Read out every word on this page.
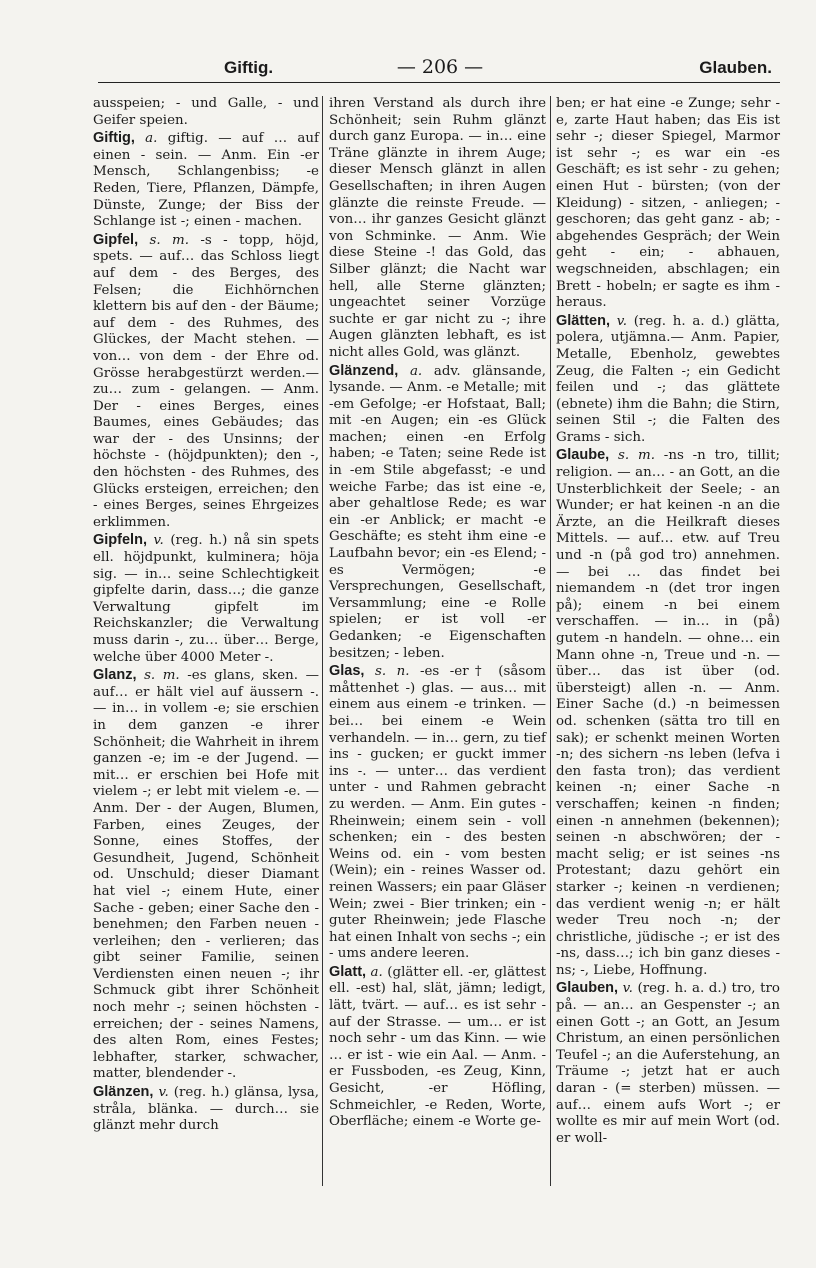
Giftig.	— 206 —	Glauben.

ausspeien; - und Galle, - und Geifer speien.

Giftig, a. giftig. — auf … auf einen - sein. — Anm. Ein -er Mensch, Schlangenbiss; -e Reden, Tiere, Pflanzen, Dämpfe, Dünste, Zunge; der Biss der Schlange ist -; einen - machen.

Gipfel, s. m. -s - topp, höjd, spets. — auf… das Schloss liegt auf dem - des Berges, des Felsen; die Eichhörnchen klettern bis auf den - der Bäume; auf dem - des Ruhmes, des Glückes, der Macht stehen. — von… von dem - der Ehre od. Grösse herabgestürzt werden.— zu… zum - gelangen. — Anm. Der - eines Berges, eines Baumes, eines Gebäudes; das war der - des Unsinns; der höchste - (höjdpunkten); den -, den höchsten - des Ruhmes, des Glücks ersteigen, erreichen; den - eines Berges, seines Ehrgeizes erklimmen.

Gipfeln, v. (reg. h.) nå sin spets ell. höjdpunkt, kulminera; höja sig. — in… seine Schlechtigkeit gipfelte darin, dass…; die ganze Verwaltung gipfelt im Reichskanzler; die Verwaltung muss darin -, zu… über… Berge, welche über 4000 Meter -.

Glanz, s. m. -es glans, sken. — auf… er hält viel auf äussern -. — in… in vollem -e; sie erschien in dem ganzen -e ihrer Schönheit; die Wahrheit in ihrem ganzen -e; im -e der Jugend. — mit… er erschien bei Hofe mit vielem -; er lebt mit vielem -e. — Anm. Der - der Augen, Blumen, Farben, eines Zeuges, der Sonne, eines Stoffes, der Gesundheit, Jugend, Schönheit od. Unschuld; dieser Diamant hat viel -; einem Hute, einer Sache - geben; einer Sache den - benehmen; den Farben neuen - verleihen; den - verlieren; das gibt seiner Familie, seinen Verdiensten einen neuen -; ihr Schmuck gibt ihrer Schönheit noch mehr -; seinen höchsten - erreichen; der - seines Namens, des alten Rom, eines Festes; lebhafter, starker, schwacher, matter, blendender -.

Glänzen, v. (reg. h.) glänsa, lysa, stråla, blänka. — durch… sie glänzt mehr durch

ihren Verstand als durch ihre Schönheit; sein Ruhm glänzt durch ganz Europa. — in… eine Träne glänzte in ihrem Auge; dieser Mensch glänzt in allen Gesellschaften; in ihren Augen glänzte die reinste Freude. — von… ihr ganzes Gesicht glänzt von Schminke. — Anm. Wie diese Steine -! das Gold, das Silber glänzt; die Nacht war hell, alle Sterne glänzten; ungeachtet seiner Vorzüge suchte er gar nicht zu -; ihre Augen glänzten lebhaft, es ist nicht alles Gold, was glänzt.

Glänzend, a. adv. glänsande, lysande. — Anm. -e Metalle; mit -em Gefolge; -er Hofstaat, Ball; mit -en Augen; ein -es Glück machen; einen -en Erfolg haben; -e Taten; seine Rede ist in -em Stile abgefasst; -e und weiche Farbe; das ist eine -e, aber gehaltlose Rede; es war ein -er Anblick; er macht -e Geschäfte; es steht ihm eine -e Laufbahn bevor; ein -es Elend; -es Vermögen; -e Versprechungen, Gesellschaft, Versammlung; eine -e Rolle spielen; er ist voll -er Gedanken; -e Eigenschaften besitzen; - leben.

Glas, s. n. -es -er† (såsom måttenhet -) glas. — aus… mit einem aus einem -e trinken. — bei… bei einem -e Wein verhandeln. — in… gern, zu tief ins - gucken; er guckt immer ins -. — unter… das verdient unter - und Rahmen gebracht zu werden. — Anm. Ein gutes - Rheinwein; einem sein - voll schenken; ein - des besten Weins od. ein - vom besten (Wein); ein - reines Wasser od. reinen Wassers; ein paar Gläser Wein; zwei - Bier trinken; ein - guter Rheinwein; jede Flasche hat einen Inhalt von sechs -; ein - ums andere leeren.

Glatt, a. (glätter ell. -er, glättest ell. -est) hal, slät, jämn; ledigt, lätt, tvärt. — auf… es ist sehr - auf der Strasse. — um… er ist noch sehr - um das Kinn. — wie … er ist - wie ein Aal. — Anm. -er Fussboden, -es Zeug, Kinn, Gesicht, -er Höfling, Schmeichler, -e Reden, Worte, Oberfläche; einem -e Worte ge-

ben; er hat eine -e Zunge; sehr -e, zarte Haut haben; das Eis ist sehr -; dieser Spiegel, Marmor ist sehr -; es war ein -es Geschäft; es ist sehr - zu gehen; einen Hut - bürsten; (von der Kleidung) - sitzen, - anliegen; - geschoren; das geht ganz - ab; - abgehendes Gespräch; der Wein geht - ein; - abhauen, wegschneiden, abschlagen; ein Brett - hobeln; er sagte es ihm - heraus.

Glätten, v. (reg. h. a. d.) glätta, polera, utjämna.— Anm. Papier, Metalle, Ebenholz, gewebtes Zeug, die Falten -; ein Gedicht feilen und -; das glättete (ebnete) ihm die Bahn; die Stirn, seinen Stil -; die Falten des Grams - sich.

Glaube, s. m. -ns -n tro, tillit; religion. — an… - an Gott, an die Unsterblichkeit der Seele; - an Wunder; er hat keinen -n an die Ärzte, an die Heilkraft dieses Mittels. — auf… etw. auf Treu und -n (på god tro) annehmen. — bei … das findet bei niemandem -n (det tror ingen på); einem -n bei einem verschaffen. — in… in (på) gutem -n handeln. — ohne… ein Mann ohne -n, Treue und -n. — über… das ist über (od. übersteigt) allen -n. — Anm. Einer Sache (d.) -n beimessen od. schenken (sätta tro till en sak); er schenkt meinen Worten -n; des sichern -ns leben (lefva i den fasta tron); das verdient keinen -n; einer Sache -n verschaffen; keinen -n finden; einen -n annehmen (bekennen); seinen -n abschwören; der - macht selig; er ist seines -ns Protestant; dazu gehört ein starker -; keinen -n verdienen; das verdient wenig -n; er hält weder Treu noch -n; der christliche, jüdische -; er ist des -ns, dass…; ich bin ganz dieses -ns; -, Liebe, Hoffnung.

Glauben, v. (reg. h. a. d.) tro, tro på. — an… an Gespenster -; an einen Gott -; an Gott, an Jesum Christum, an einen persönlichen Teufel -; an die Auferstehung, an Träume -; jetzt hat er auch daran - (= sterben) müssen. — auf… einem aufs Wort -; er wollte es mir auf mein Wort (od. er woll-
